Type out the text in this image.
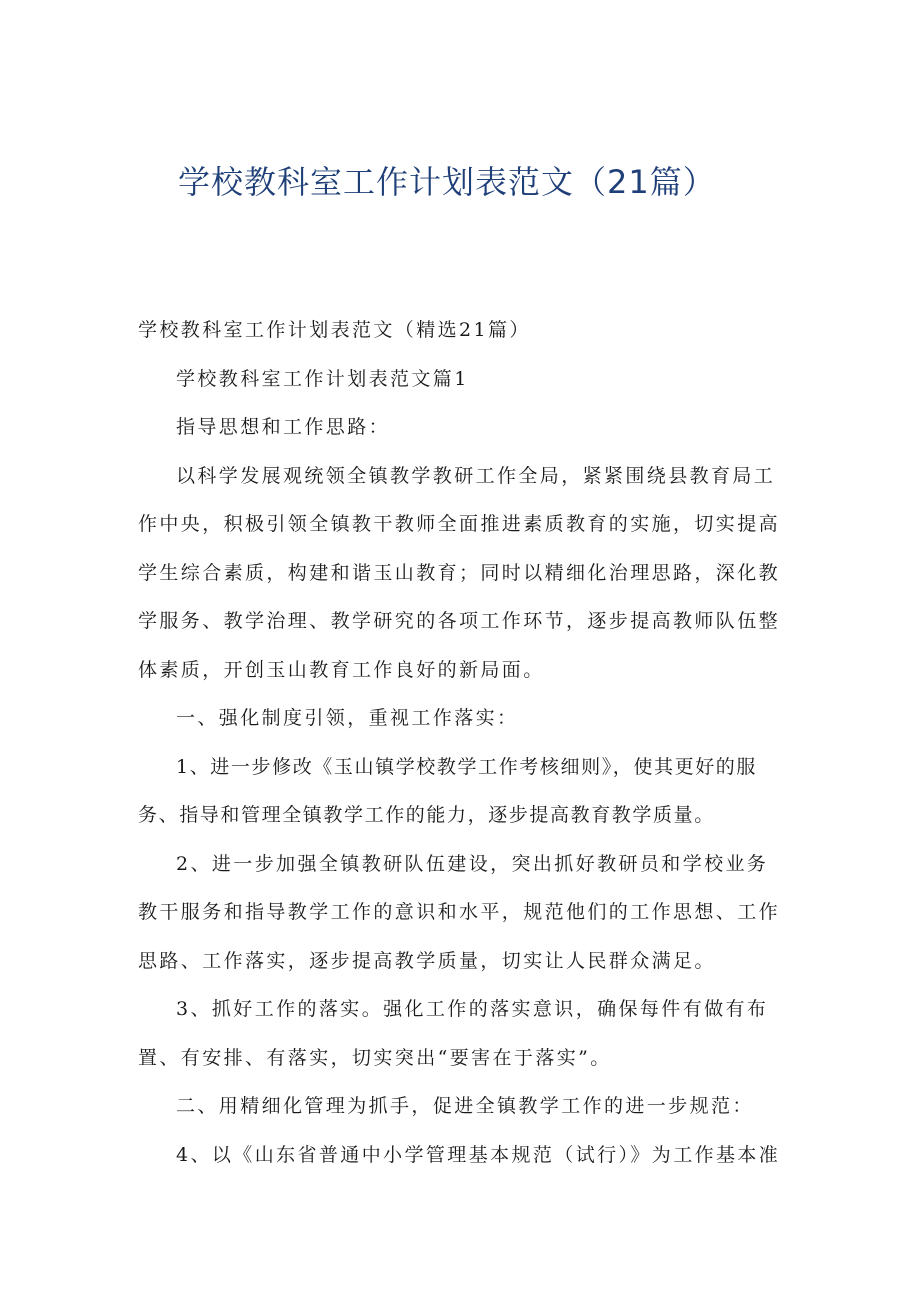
学校教科室工作计划表范文（21篇）

学校教科室工作计划表范文（精选21篇）

学校教科室工作计划表范文篇1

指导思想和工作思路：

以科学发展观统领全镇教学教研工作全局，紧紧围绕县教育局工作中央，积极引领全镇教干教师全面推进素质教育的实施，切实提高学生综合素质，构建和谐玉山教育；同时以精细化治理思路，深化教学服务、教学治理、教学研究的各项工作环节，逐步提高教师队伍整体素质，开创玉山教育工作良好的新局面。

一、强化制度引领，重视工作落实：

1、进一步修改《玉山镇学校教学工作考核细则》，使其更好的服务、指导和管理全镇教学工作的能力，逐步提高教育教学质量。

2、进一步加强全镇教研队伍建设，突出抓好教研员和学校业务教干服务和指导教学工作的意识和水平，规范他们的工作思想、工作思路、工作落实，逐步提高教学质量，切实让人民群众满足。

3、抓好工作的落实。强化工作的落实意识，确保每件有做有布置、有安排、有落实，切实突出“要害在于落实”。

二、用精细化管理为抓手，促进全镇教学工作的进一步规范：

4、以《山东省普通中小学管理基本规范（试行）》为工作基本准
